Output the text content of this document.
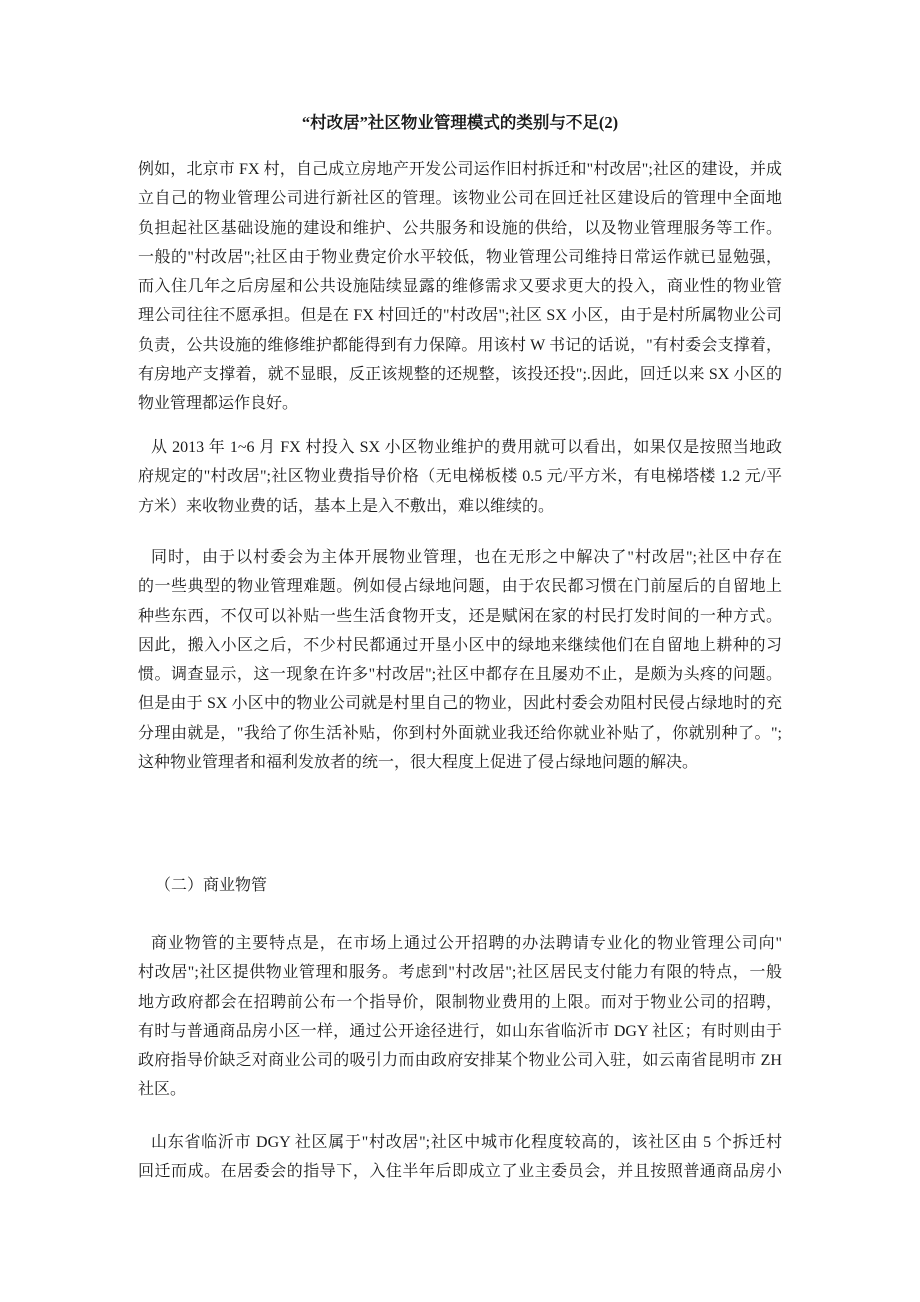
“村改居”社区物业管理模式的类别与不足(2)
例如，北京市 FX 村，自己成立房地产开发公司运作旧村拆迁和"村改居";社区的建设，并成
立自己的物业管理公司进行新社区的管理。该物业公司在回迁社区建设后的管理中全面地
负担起社区基础设施的建设和维护、公共服务和设施的供给，以及物业管理服务等工作。
一般的"村改居";社区由于物业费定价水平较低，物业管理公司维持日常运作就已显勉强，
而入住几年之后房屋和公共设施陆续显露的维修需求又要求更大的投入，商业性的物业管
理公司往往不愿承担。但是在 FX 村回迁的"村改居";社区 SX 小区，由于是村所属物业公司
负责，公共设施的维修维护都能得到有力保障。用该村 W 书记的话说，"有村委会支撑着，
有房地产支撑着，就不显眼，反正该规整的还规整，该投还投";.因此，回迁以来 SX 小区的
物业管理都运作良好。
从 2013 年 1~6 月 FX 村投入 SX 小区物业维护的费用就可以看出，如果仅是按照当地政
府规定的"村改居";社区物业费指导价格（无电梯板楼 0.5 元/平方米，有电梯塔楼 1.2 元/平
方米）来收物业费的话，基本上是入不敷出，难以维续的。
同时，由于以村委会为主体开展物业管理，也在无形之中解决了"村改居";社区中存在
的一些典型的物业管理难题。例如侵占绿地问题，由于农民都习惯在门前屋后的自留地上
种些东西，不仅可以补贴一些生活食物开支，还是赋闲在家的村民打发时间的一种方式。
因此，搬入小区之后，不少村民都通过开垦小区中的绿地来继续他们在自留地上耕种的习
惯。调查显示，这一现象在许多"村改居";社区中都存在且屡劝不止，是颇为头疼的问题。
但是由于 SX 小区中的物业公司就是村里自己的物业，因此村委会劝阻村民侵占绿地时的充
分理由就是，"我给了你生活补贴，你到村外面就业我还给你就业补贴了，你就别种了。";
这种物业管理者和福利发放者的统一，很大程度上促进了侵占绿地问题的解决。
（二）商业物管
商业物管的主要特点是，在市场上通过公开招聘的办法聘请专业化的物业管理公司向"
村改居";社区提供物业管理和服务。考虑到"村改居";社区居民支付能力有限的特点，一般
地方政府都会在招聘前公布一个指导价，限制物业费用的上限。而对于物业公司的招聘，
有时与普通商品房小区一样，通过公开途径进行，如山东省临沂市 DGY 社区；有时则由于
政府指导价缺乏对商业公司的吸引力而由政府安排某个物业公司入驻，如云南省昆明市 ZH
社区。
山东省临沂市 DGY 社区属于"村改居";社区中城市化程度较高的，该社区由 5 个拆迁村
回迁而成。在居委会的指导下，入住半年后即成立了业主委员会，并且按照普通商品房小
